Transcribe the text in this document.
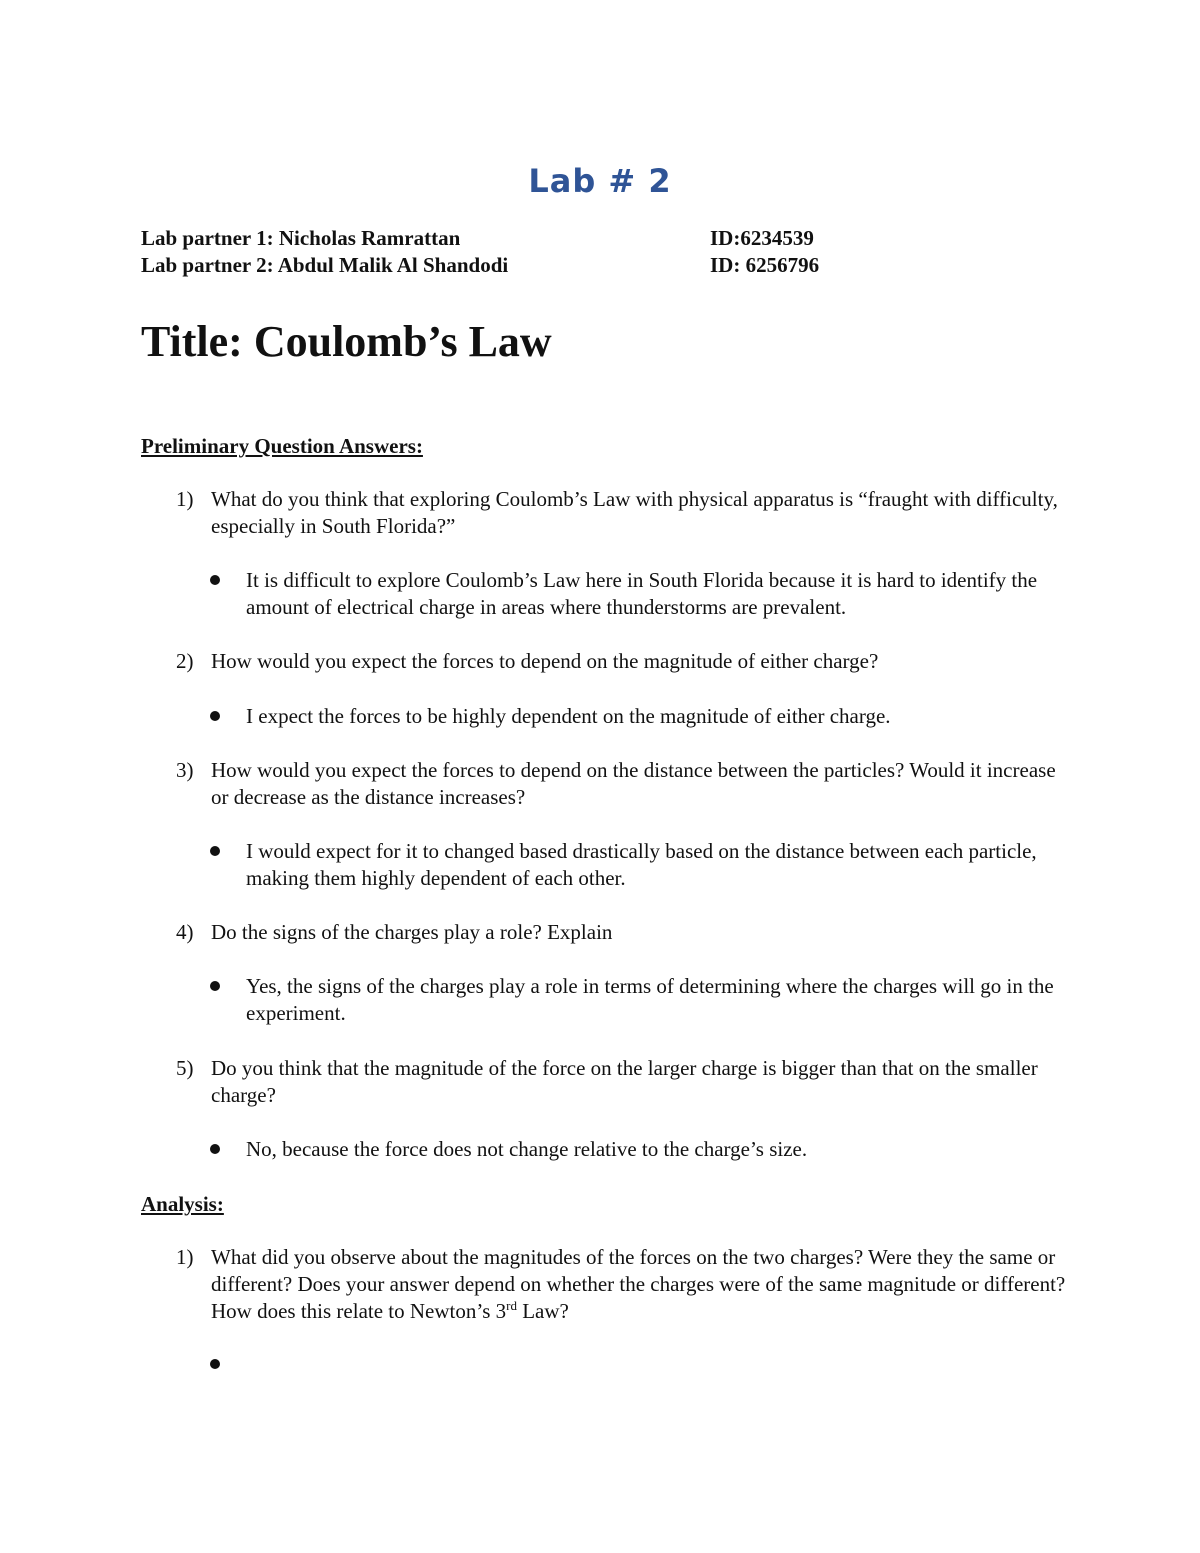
Lab # 2
Lab partner 1: Nicholas Ramrattan	ID:6234539
Lab partner 2: Abdul Malik Al Shandodi	ID: 6256796
Title: Coulomb’s Law
Preliminary Question Answers:
1) What do you think that exploring Coulomb’s Law with physical apparatus is “fraught with difficulty, especially in South Florida?”
It is difficult to explore Coulomb’s Law here in South Florida because it is hard to identify the amount of electrical charge in areas where thunderstorms are prevalent.
2) How would you expect the forces to depend on the magnitude of either charge?
I expect the forces to be highly dependent on the magnitude of either charge.
3) How would you expect the forces to depend on the distance between the particles? Would it increase or decrease as the distance increases?
I would expect for it to changed based drastically based on the distance between each particle, making them highly dependent of each other.
4) Do the signs of the charges play a role? Explain
Yes, the signs of the charges play a role in terms of determining where the charges will go in the experiment.
5) Do you think that the magnitude of the force on the larger charge is bigger than that on the smaller charge?
No, because the force does not change relative to the charge’s size.
Analysis:
1) What did you observe about the magnitudes of the forces on the two charges? Were they the same or different? Does your answer depend on whether the charges were of the same magnitude or different? How does this relate to Newton’s 3rd Law?
